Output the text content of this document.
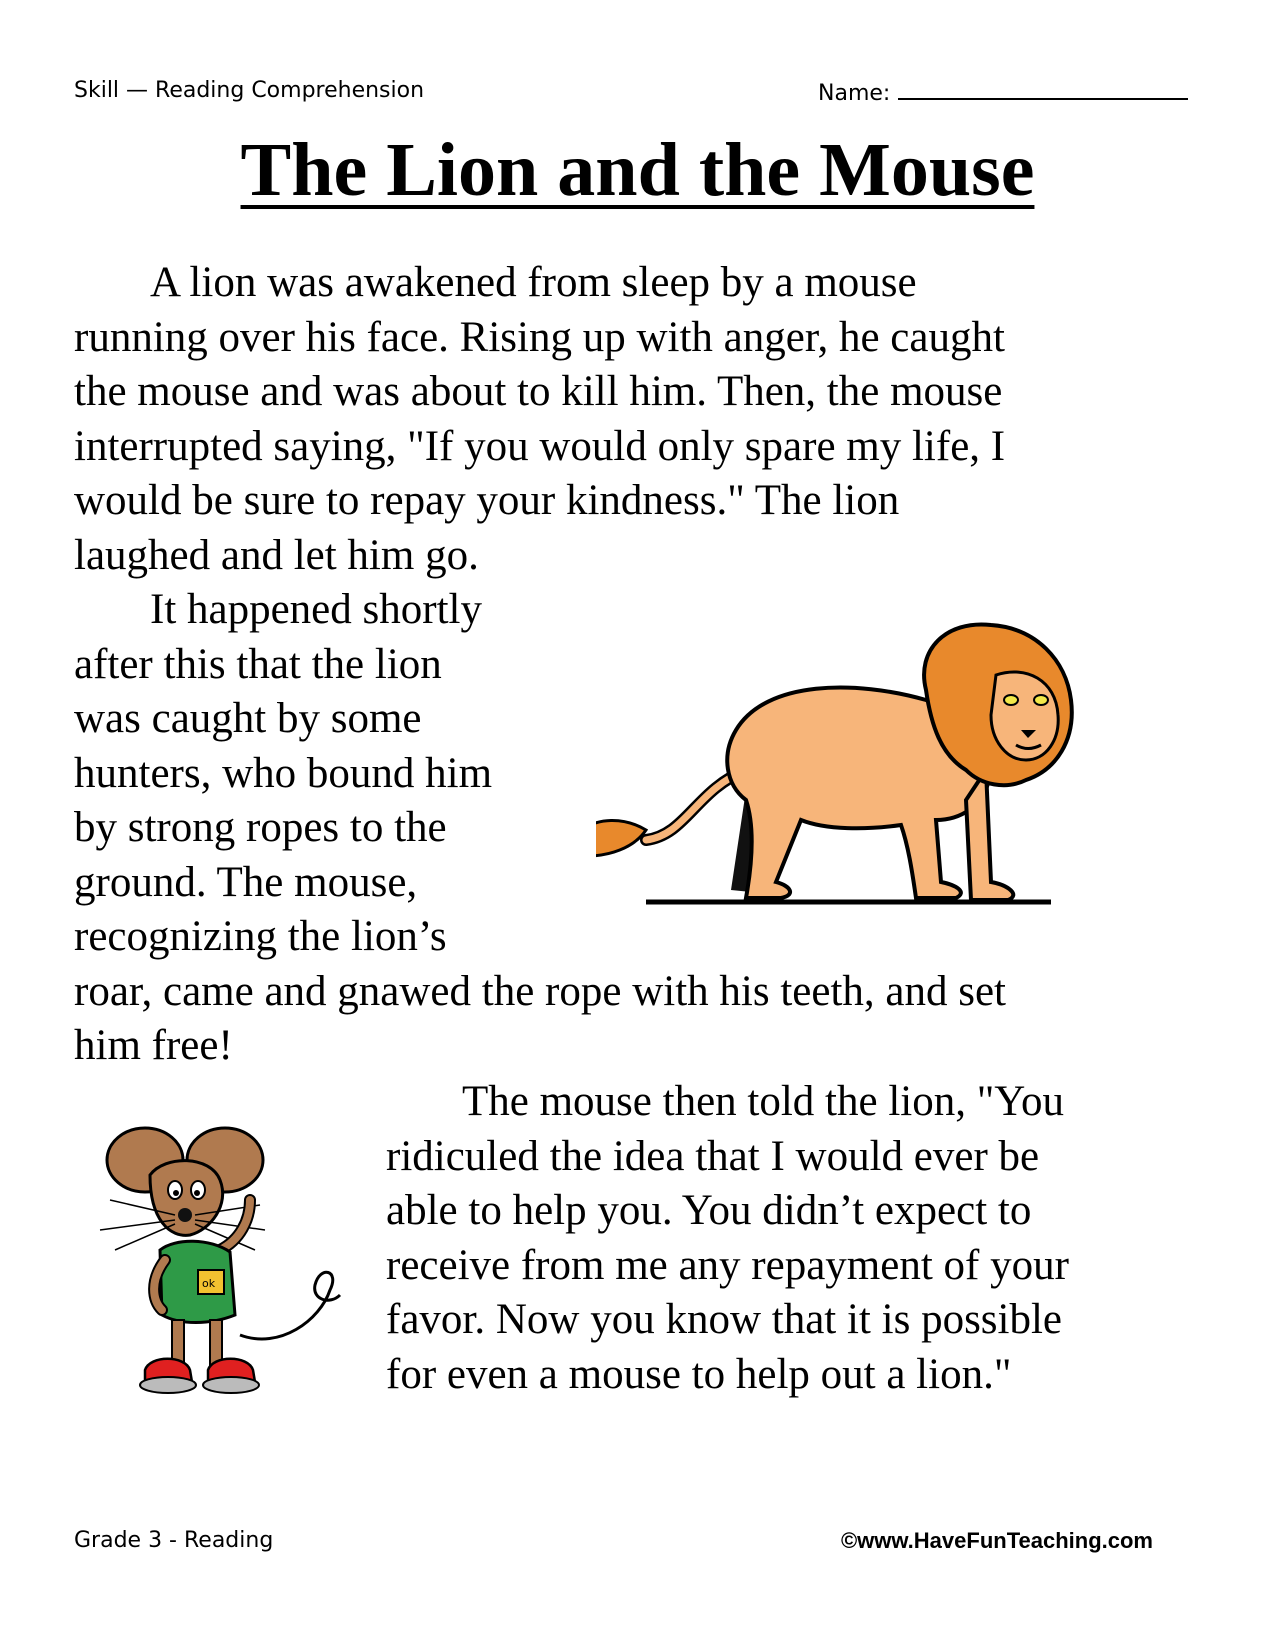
Skill — Reading Comprehension	Name:
The Lion and the Mouse
A lion was awakened from sleep by a mouse
running over his face. Rising up with anger, he caught
the mouse and was about to kill him. Then, the mouse
interrupted saying, "If you would only spare my life, I
would be sure to repay your kindness." The lion
laughed and let him go.
It happened shortly
after this that the lion
was caught by some
hunters, who bound him
by strong ropes to the
ground. The mouse,
recognizing the lion’s
roar, came and gnawed the rope with his teeth, and set
him free!
ok
The mouse then told the lion, "You
ridiculed the idea that I would ever be
able to help you. You didn’t expect to
receive from me any repayment of your
favor. Now you know that it is possible
for even a mouse to help out a lion."
Grade 3 - Reading	©www.HaveFunTeaching.com
